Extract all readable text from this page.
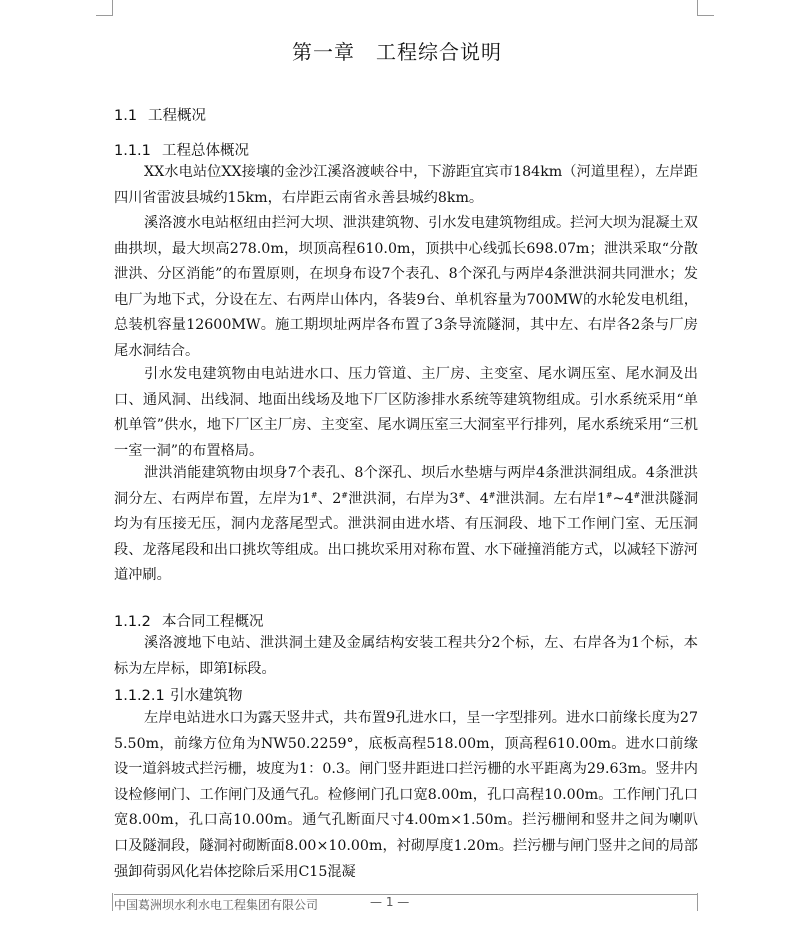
第一章　工程综合说明
1.1 工程概况
1.1.1 工程总体概况

XX水电站位XX接壤的金沙江溪洛渡峡谷中，下游距宜宾市184km（河道里程），左岸距四川省雷波县城约15km，右岸距云南省永善县城约8km。

溪洛渡水电站枢纽由拦河大坝、泄洪建筑物、引水发电建筑物组成。拦河大坝为混凝土双曲拱坝，最大坝高278.0m，坝顶高程610.0m，顶拱中心线弧长698.07m；泄洪采取“分散泄洪、分区消能”的布置原则，在坝身布设7个表孔、8个深孔与两岸4条泄洪洞共同泄水；发电厂为地下式，分设在左、右两岸山体内，各装9台、单机容量为700MW的水轮发电机组，总装机容量12600MW。施工期坝址两岸各布置了3条导流隧洞，其中左、右岸各2条与厂房尾水洞结合。

引水发电建筑物由电站进水口、压力管道、主厂房、主变室、尾水调压室、尾水洞及出口、通风洞、出线洞、地面出线场及地下厂区防渗排水系统等建筑物组成。引水系统采用“单机单管”供水，地下厂区主厂房、主变室、尾水调压室三大洞室平行排列，尾水系统采用“三机一室一洞”的布置格局。

泄洪消能建筑物由坝身7个表孔、8个深孔、坝后水垫塘与两岸4条泄洪洞组成。4条泄洪洞分左、右两岸布置，左岸为1#、2#泄洪洞，右岸为3#、4#泄洪洞。左右岸1#~4#泄洪隧洞均为有压接无压，洞内龙落尾型式。泄洪洞由进水塔、有压洞段、地下工作闸门室、无压洞段、龙落尾段和出口挑坎等组成。出口挑坎采用对称布置、水下碰撞消能方式，以减轻下游河道冲刷。

1.1.2 本合同工程概况

溪洛渡地下电站、泄洪洞土建及金属结构安装工程共分2个标，左、右岸各为1个标，本标为左岸标，即第Ⅰ标段。

1.1.2.1 引水建筑物

左岸电站进水口为露天竖井式，共布置9孔进水口，呈一字型排列。进水口前缘长度为275.50m，前缘方位角为NW50.2259°，底板高程518.00m，顶高程610.00m。进水口前缘设一道斜坡式拦污栅，坡度为1：0.3。闸门竖井距进口拦污栅的水平距离为29.63m。竖井内设检修闸门、工作闸门及通气孔。检修闸门孔口宽8.00m，孔口高程10.00m。工作闸门孔口宽8.00m，孔口高10.00m。通气孔断面尺寸4.00m×1.50m。拦污栅闸和竖井之间为喇叭口及隧洞段，隧洞衬砌断面8.00×10.00m，衬砌厚度1.20m。拦污栅与闸门竖井之间的局部强卸荷弱风化岩体挖除后采用C15混凝

中国葛洲坝水利水电工程集团有限公司	— 1 —
